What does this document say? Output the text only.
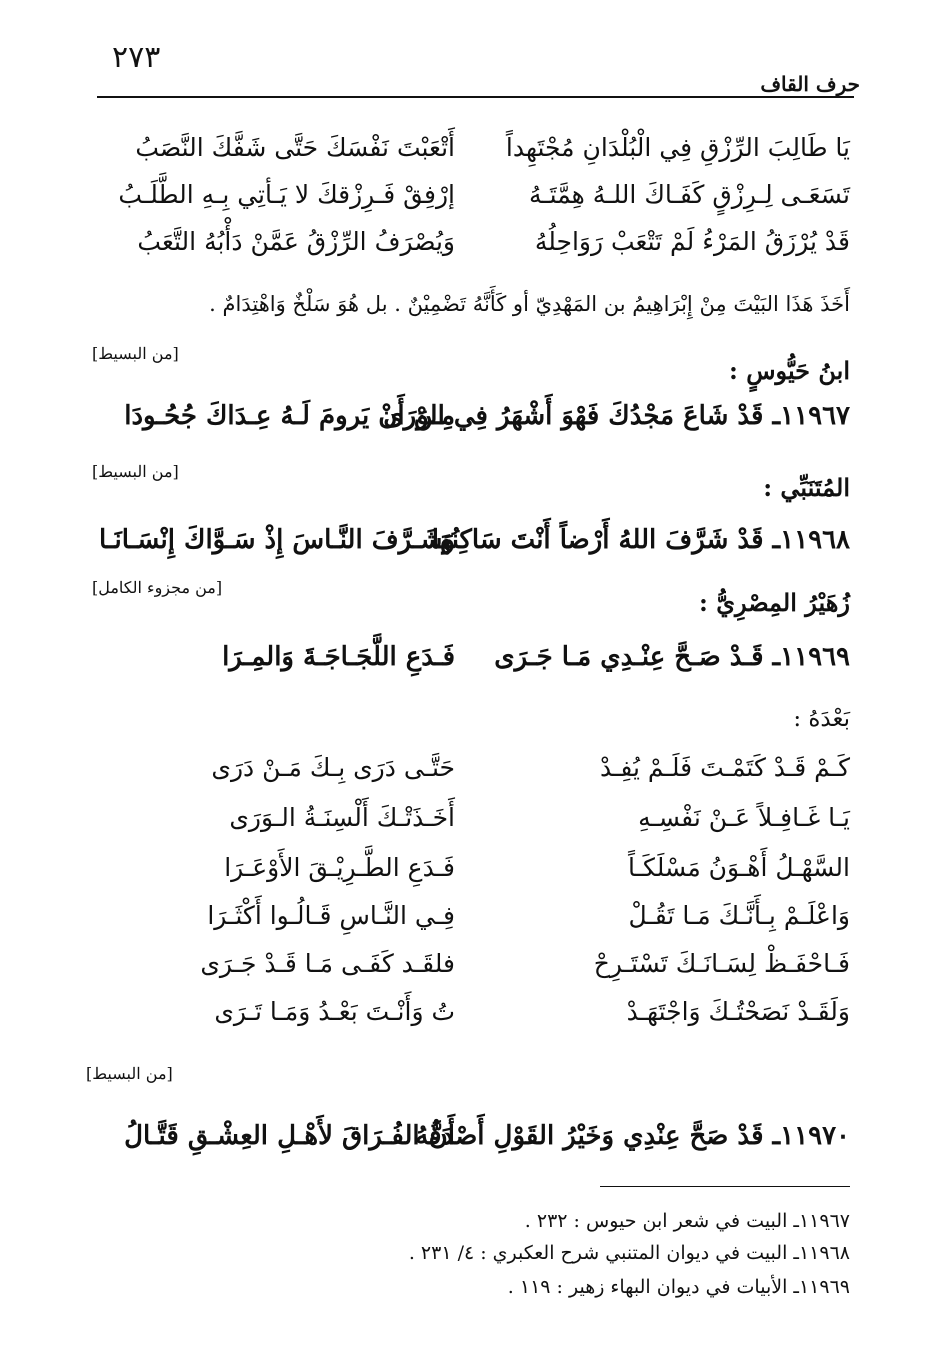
٢٧٣
حرف القاف
يَا طَالِبَ الرِّزْقِ فِي الْبُلْدَانِ مُجْتَهِداً
أَتْعَبْتَ نَفْسَكَ حَتَّى شَفَّكَ النَّصَبُ
تَسَعَـى لِـرِزْقٍ كَفَـاكَ اللـهُ هِمَّتَـهُ
إرْفِقْ فَـرِزْقكَ لا يَـأتِي بِـهِ الطَّلَـبُ
قَدْ يُرْزَقُ المَرْءُ لَمْ تَتْعَبْ رَوَاحِلُهُ
وَيُصْرَفُ الرِّزْقُ عَمَّنْ دَأْبُهُ التَّعَبُ
أَخَذَ هَذَا البَيْتَ مِنْ إِبْرَاهِيمُ بن المَهْدِيّ أو كَأَنَّهُ تَضْمِيْنٌ . بل هُوَ سَلْخٌ وَاهْتِدَامٌ .
ابنُ حَيُّوسٍ :
[من البسيط]
١١٩٦٧ـ قَدْ شَاعَ مَجْدُكَ فَهْوَ أَشْهَرُ فِي الوَرَى
مِـنْ أَنْ يَرومَ لَـهُ عِـدَاكَ جُحُـودَا
المُتَنَبِّي :
[من البسيط]
١١٩٦٨ـ قَدْ شَرَّفَ اللهُ أَرْضاً أَنْتَ سَاكِنُهَا
وَشَـرَّفَ النَّـاسَ إِذْ سَـوَّاكَ إِنْسَـانَـا
زُهَيْرُ المِصْرِيُّ :
[من مجزوء الكامل]
١١٩٦٩ـ قَـدْ صَـحَّ عِنْـدِي مَـا جَـرَى
فَـدَعِ اللَّجَـاجَـةَ وَالمِـرَا
بَعْدَهُ :
كَـمْ قَـدْ كَتَمْـتَ فَلَـمْ يُفِـدْ
حَتَّـى دَرَى بِـكَ مَـنْ دَرَى
يَـا غَـافِـلاً عَـنْ نَفْسِـهِ
أَخَـذَتْـكَ أَلْسِنَـةُ الـوَرَى
السَّهْـلُ أَهْـوَنُ مَسْلَكَـاً
فَـدَعِ الطَّـرِيْـقَ الأَوْعَـرَا
وَاعْلَـمْ بِـأَنَّـكَ مَـا تَقُـلْ
فِـي النَّـاسِ قَـالُـوا أَكْثَـرَا
فَـاحْفَـظْ لِسَـانَـكَ تَسْتَـرِحْ
فلقَـد كَفَـى مَـا قَـدْ جَـرَى
وَلَقَـدْ نَصَحْتُـكَ وَاجْتَهَـدْ
تُ وَأَنْـتَ بَعْـدُ وَمَـا تَـرَى
[من البسيط]
١١٩٧٠ـ قَدْ صَحَّ عِنْدِي وَخَيْرُ القَوْلِ أَصْدَقُهُ
أَنَّ الفُـرَاقَ لأَهْـلِ العِشْـقِ قَتَّـالُ
١١٩٦٧ـ البيت في شعر ابن حيوس : ٢٣٢ .
١١٩٦٨ـ البيت في ديوان المتنبي شرح العكبري : ٤/ ٢٣١ .
١١٩٦٩ـ الأبيات في ديوان البهاء زهير : ١١٩ .
